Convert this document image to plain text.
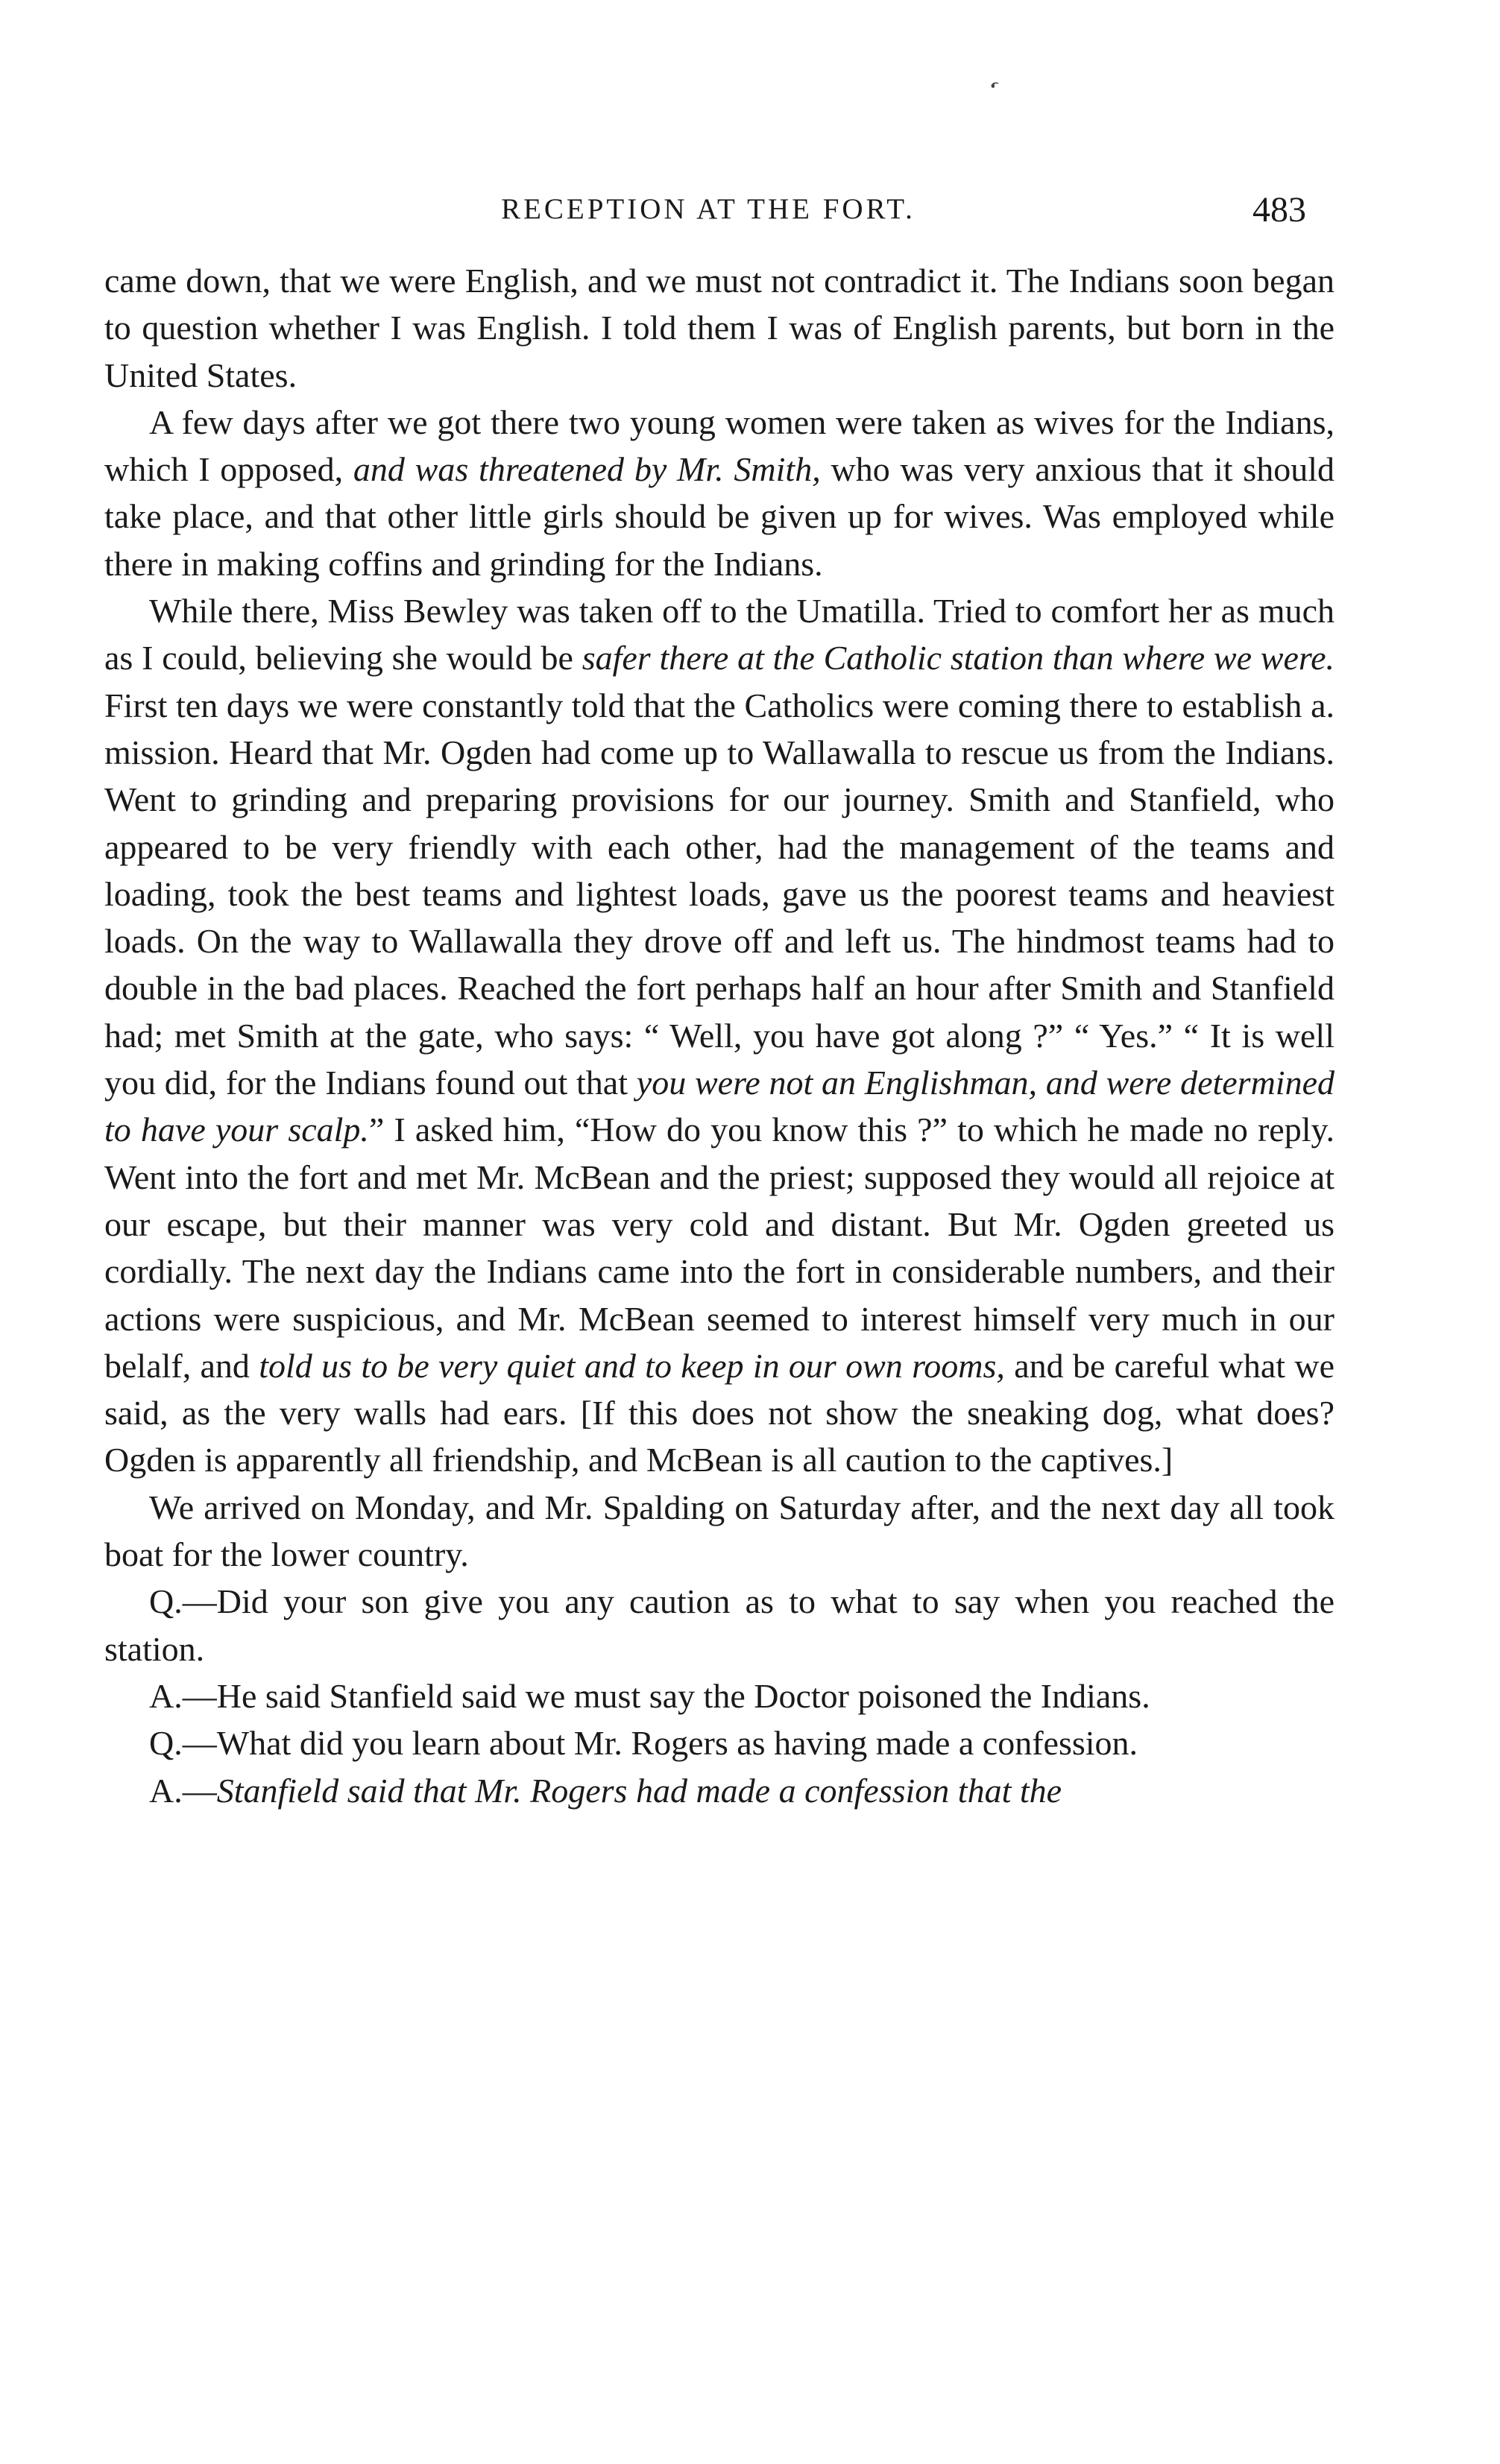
‘
RECEPTION AT THE FORT.	483

came down, that we were English, and we must not contradict it. The Indians soon began to question whether I was English. I told them I was of English parents, but born in the United States.

A few days after we got there two young women were taken as wives for the Indians, which I opposed, and was threatened by Mr. Smith, who was very anxious that it should take place, and that other little girls should be given up for wives. Was employed while there in making coffins and grinding for the Indians.

While there, Miss Bewley was taken off to the Umatilla. Tried to comfort her as much as I could, believing she would be safer there at the Catholic station than where we were. First ten days we were constantly told that the Catholics were coming there to establish a. mission. Heard that Mr. Ogden had come up to Wallawalla to rescue us from the Indians. Went to grinding and preparing provisions for our journey. Smith and Stanfield, who appeared to be very friendly with each other, had the management of the teams and loading, took the best teams and lightest loads, gave us the poorest teams and heaviest loads. On the way to Wallawalla they drove off and left us. The hindmost teams had to double in the bad places. Reached the fort perhaps half an hour after Smith and Stanfield had; met Smith at the gate, who says: “ Well, you have got along ?” “ Yes.” “ It is well you did, for the Indians found out that you were not an Englishman, and were determined to have your scalp.” I asked him, “How do you know this ?” to which he made no reply. Went into the fort and met Mr. McBean and the priest; supposed they would all rejoice at our escape, but their manner was very cold and distant. But Mr. Ogden greeted us cordially. The next day the Indians came into the fort in considerable numbers, and their actions were suspicious, and Mr. McBean seemed to interest himself very much in our belalf, and told us to be very quiet and to keep in our own rooms, and be careful what we said, as the very walls had ears. [If this does not show the sneaking dog, what does? Ogden is apparently all friendship, and McBean is all caution to the captives.]

We arrived on Monday, and Mr. Spalding on Saturday after, and the next day all took boat for the lower country.

Q.—Did your son give you any caution as to what to say when you reached the station.

A.—He said Stanfield said we must say the Doctor poisoned the Indians.

Q.—What did you learn about Mr. Rogers as having made a confession.

A.—Stanfield said that Mr. Rogers had made a confession that the
